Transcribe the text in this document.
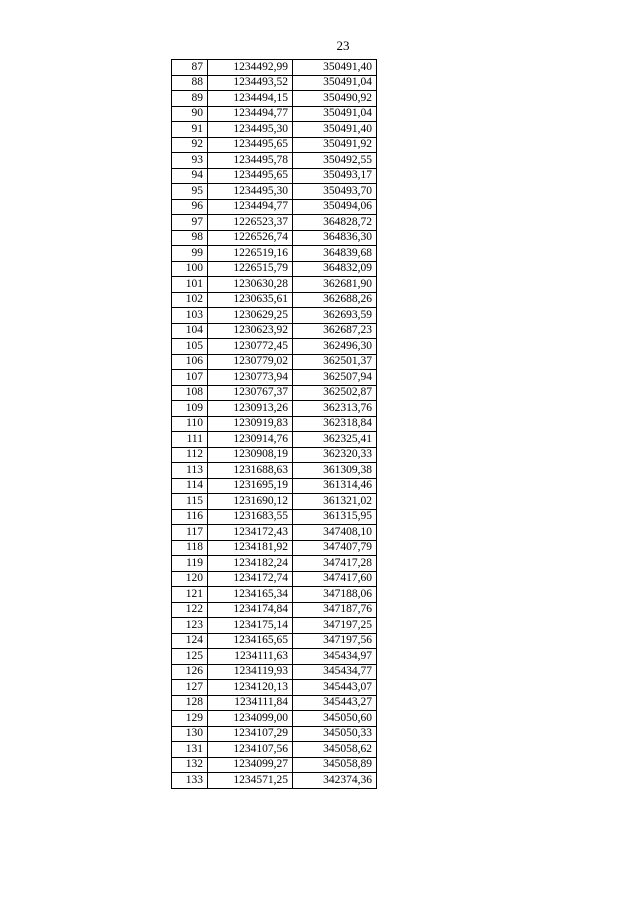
23
87	1234492,99	350491,40
88	1234493,52	350491,04
89	1234494,15	350490,92
90	1234494,77	350491,04
91	1234495,30	350491,40
92	1234495,65	350491,92
93	1234495,78	350492,55
94	1234495,65	350493,17
95	1234495,30	350493,70
96	1234494,77	350494,06
97	1226523,37	364828,72
98	1226526,74	364836,30
99	1226519,16	364839,68
100	1226515,79	364832,09
101	1230630,28	362681,90
102	1230635,61	362688,26
103	1230629,25	362693,59
104	1230623,92	362687,23
105	1230772,45	362496,30
106	1230779,02	362501,37
107	1230773,94	362507,94
108	1230767,37	362502,87
109	1230913,26	362313,76
110	1230919,83	362318,84
111	1230914,76	362325,41
112	1230908,19	362320,33
113	1231688,63	361309,38
114	1231695,19	361314,46
115	1231690,12	361321,02
116	1231683,55	361315,95
117	1234172,43	347408,10
118	1234181,92	347407,79
119	1234182,24	347417,28
120	1234172,74	347417,60
121	1234165,34	347188,06
122	1234174,84	347187,76
123	1234175,14	347197,25
124	1234165,65	347197,56
125	1234111,63	345434,97
126	1234119,93	345434,77
127	1234120,13	345443,07
128	1234111,84	345443,27
129	1234099,00	345050,60
130	1234107,29	345050,33
131	1234107,56	345058,62
132	1234099,27	345058,89
133	1234571,25	342374,36
